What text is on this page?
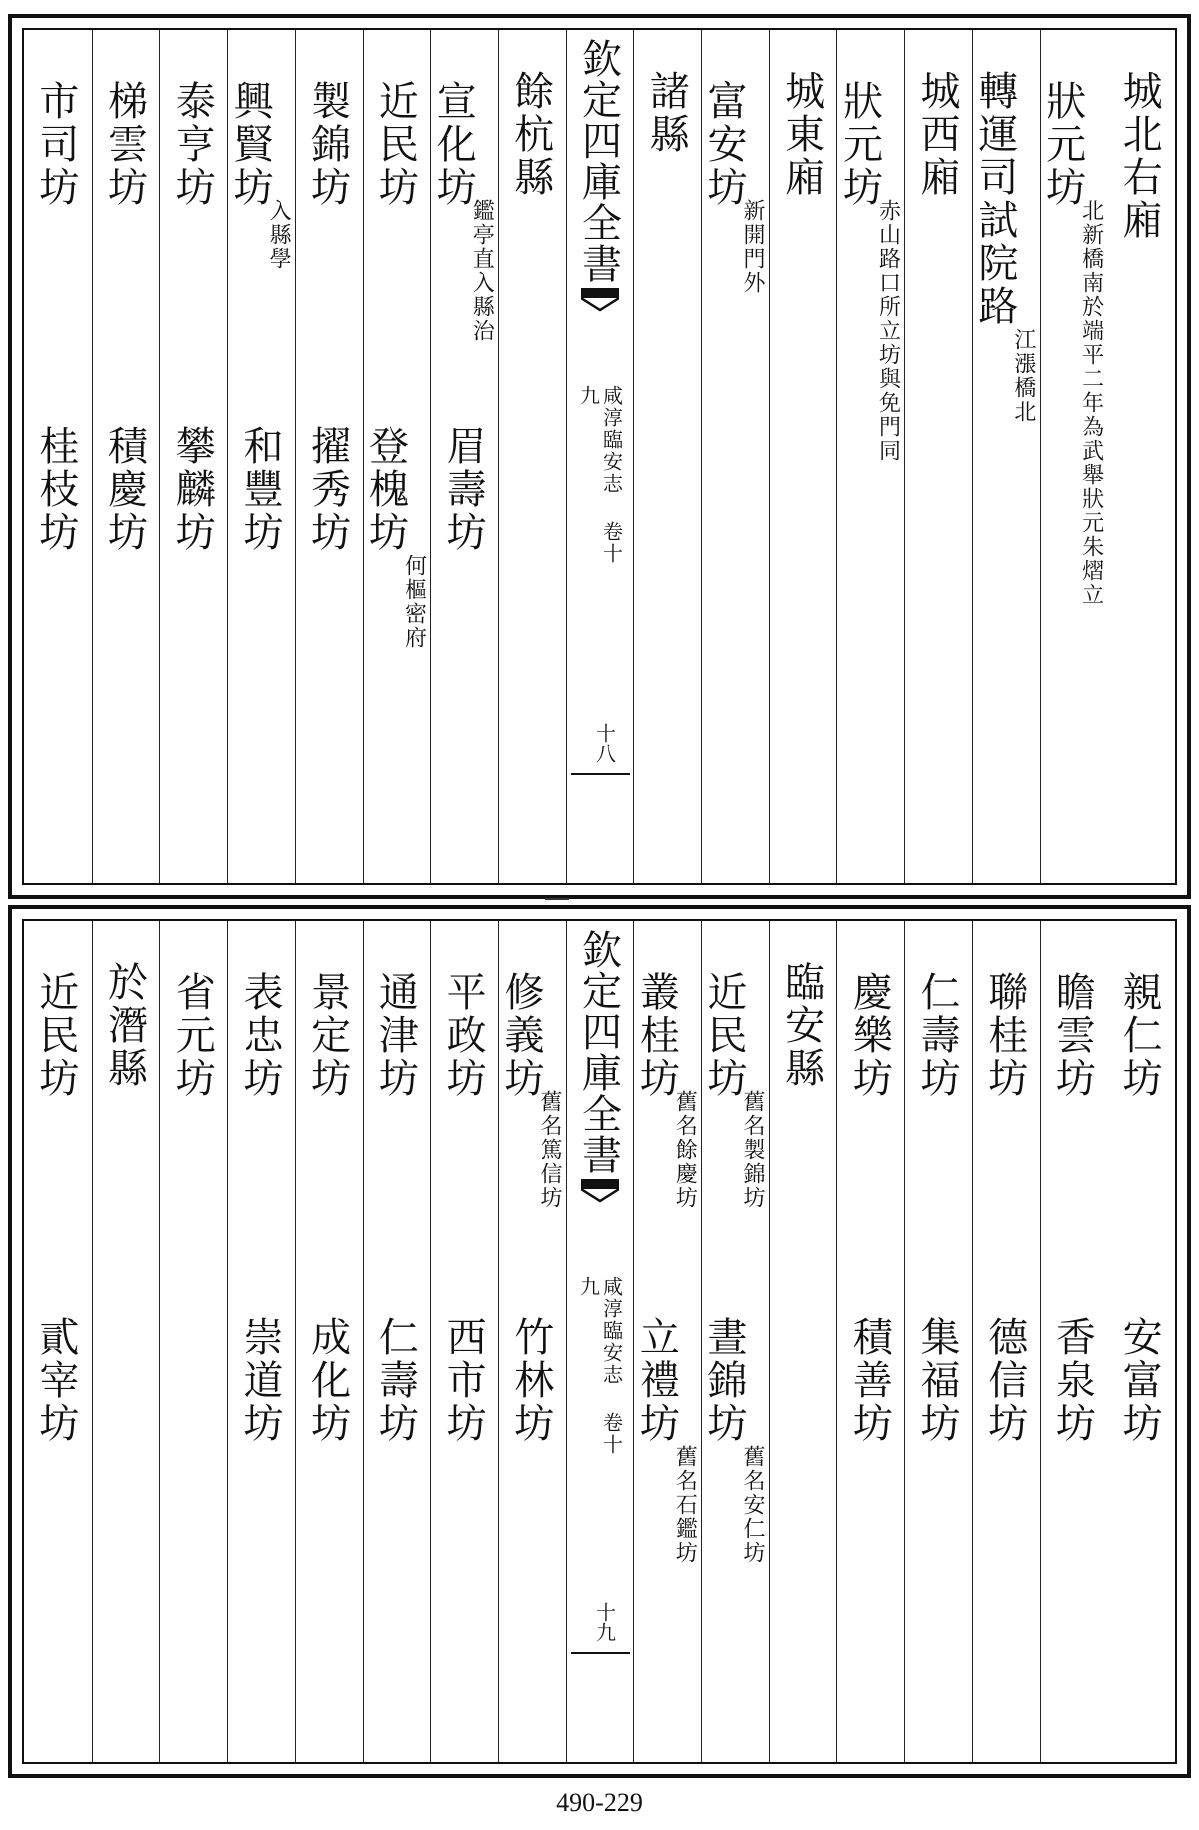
城北右廂
狀元坊
北新橋南於端平二年為武舉狀元朱熠立
轉運司試院路
江漲橋北
城西廂
狀元坊
赤山路口所立坊與免門同
城東廂
富安坊
新開門外
諸縣
欽定四庫全書
咸淳臨安志 卷十九
十八
餘杭縣
宣化坊
鑑亭直入縣治
眉壽坊
近民坊
登槐坊
何樞密府
製錦坊
擢秀坊
興賢坊
入縣學
和豐坊
泰亨坊
攀麟坊
梯雲坊
積慶坊
市司坊
桂枝坊
親仁坊
安富坊
瞻雲坊
香泉坊
聯桂坊
德信坊
仁壽坊
集福坊
慶樂坊
積善坊
臨安縣
近民坊
舊名製錦坊
晝錦坊
舊名安仁坊
叢桂坊
舊名餘慶坊
立禮坊
舊名石鑑坊
欽定四庫全書
咸淳臨安志 卷十九
十九
修義坊
舊名篤信坊
竹林坊
平政坊
西市坊
通津坊
仁壽坊
景定坊
成化坊
表忠坊
崇道坊
省元坊
於潛縣
近民坊
貳宰坊
490-229
